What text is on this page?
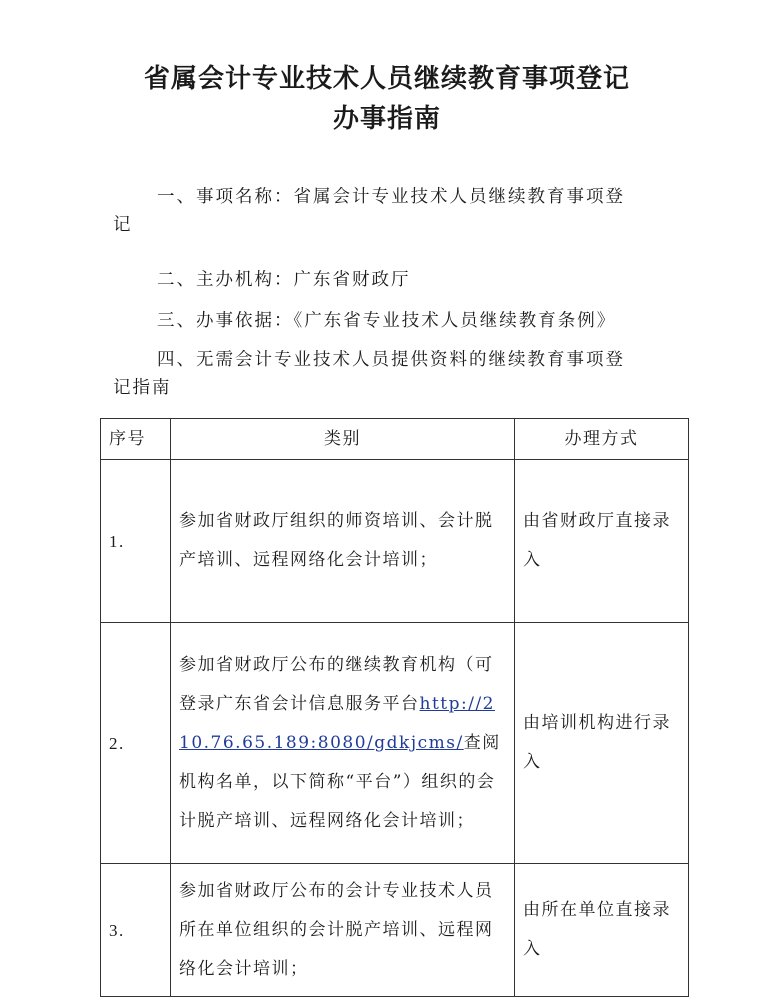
省属会计专业技术人员继续教育事项登记
办事指南

一、事项名称：省属会计专业技术人员继续教育事项登
记

二、主办机构：广东省财政厅

三、办事依据：《广东省专业技术人员继续教育条例》

四、无需会计专业技术人员提供资料的继续教育事项登
记指南

序号	类别	办理方式
1.	参加省财政厅组织的师资培训、会计脱产培训、远程网络化会计培训；	由省财政厅直接录入
2.	参加省财政厅公布的继续教育机构（可登录广东省会计信息服务平台http://210.76.65.189:8080/gdkjcms/查阅机构名单，以下简称“平台”）组织的会计脱产培训、远程网络化会计培训；	由培训机构进行录入
3.	参加省财政厅公布的会计专业技术人员所在单位组织的会计脱产培训、远程网络化会计培训；	由所在单位直接录入
